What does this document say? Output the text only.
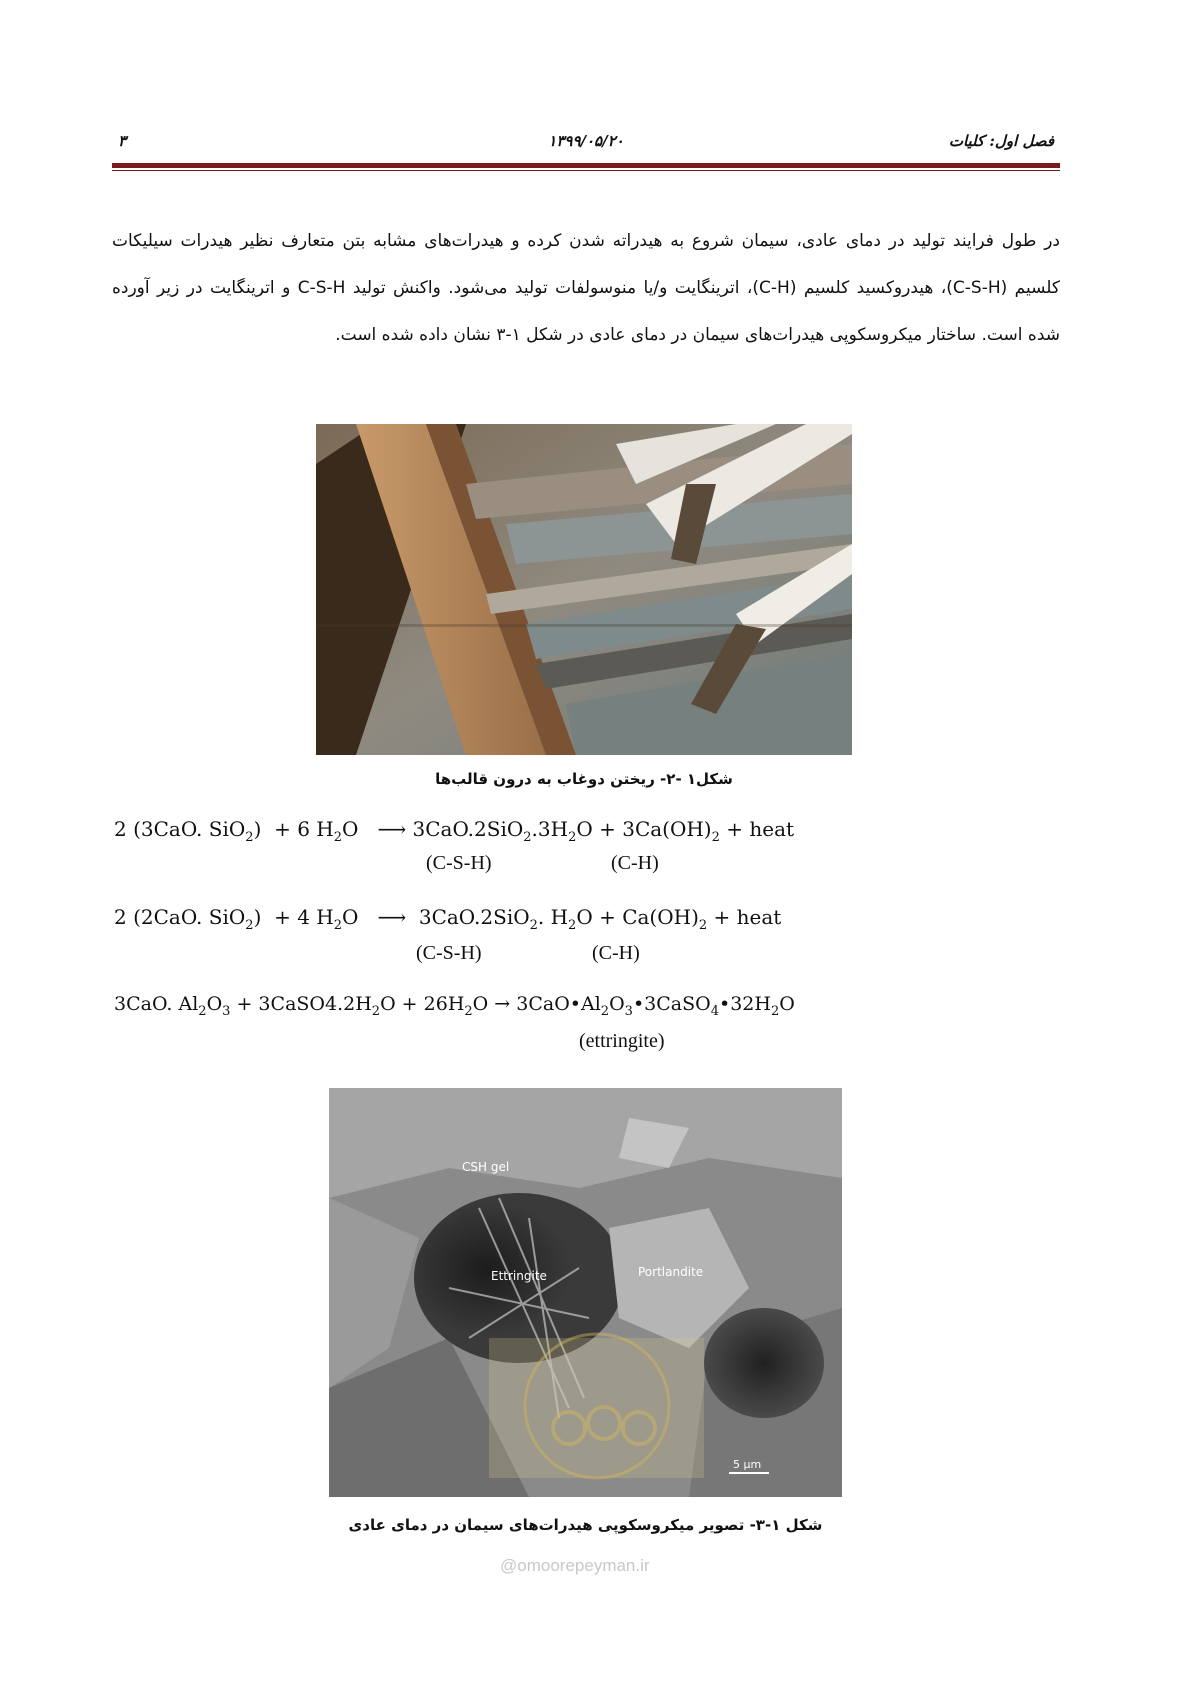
۳	۱۳۹۹/۰۵/۲۰	فصل اول: کلیات
در طول فرایند تولید در دمای عادی، سیمان شروع به هیدراته شدن کرده و هیدرات‌های مشابه بتن متعارف نظیر هیدرات سیلیکات کلسیم (C-S-H)، هیدروکسید کلسیم (C-H)، اترینگایت و/یا منوسولفات تولید می‌شود. واکنش تولید C-S-H و اترینگایت در زیر آورده شده است. ساختار میکروسکوپی هیدرات‌های سیمان در دمای عادی در شکل ۱-۳ نشان داده شده است.
شکل۱ -۲- ریختن دوغاب به درون قالب‌ها
2 (3CaO. SiO$_2$)  + 6 $H_2O$   ⟶ $3CaO.2SiO_2.3H_2O + 3Ca(OH)_2$ + heat
(C-S-H)	(C-H)
2 (2CaO. SiO$_2$)  + 4 $H_2O$   ⟶  3CaO.2SiO$_2$. $H_2O + Ca(OH)_2$ + heat
(C-S-H)	(C-H)
3CaO. $Al_2O_3$ + $3CaSO4.2H_2O + 26H_2O$ → $3CaO•Al_2O_3•3CaSO_4•32H_2O$
(ettringite)
CSH gel
Ettringite	Portlandite
5 µm
شکل ۱-۳- تصویر میکروسکوپی هیدرات‌های سیمان در دمای عادی
@omoorepeyman.ir
